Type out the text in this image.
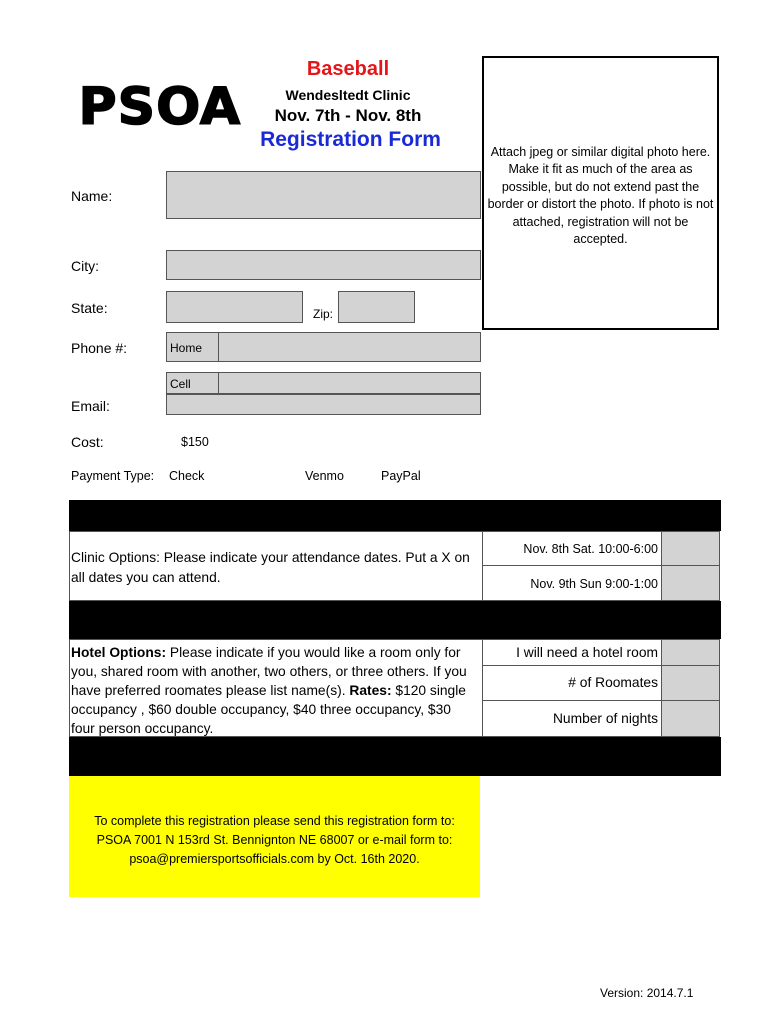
PSOA
Baseball
Wendesltedt Clinic
Nov. 7th - Nov. 8th
Registration Form
Attach jpeg or similar digital photo here. Make it fit as much of the area as possible, but do not extend past the border or distort the photo. If photo is not attached, registration will not be accepted.
Name:
City:
State:	Zip:
Phone #:	Home
Cell
Email:
Cost:	$150
Payment Type: Check	Venmo	PayPal
Clinic Options: Please indicate your attendance dates. Put a X on all dates you can attend.
Nov. 8th Sat. 10:00-6:00
Nov. 9th Sun 9:00-1:00
Hotel Options: Please indicate if you would like a room only for you, shared room with another, two others, or three others. If you have preferred roomates please list name(s). Rates: $120 single occupancy , $60 double occupancy, $40 three occupancy, $30 four person occupancy.
I will need a hotel room
# of Roomates
Number of nights
To complete this registration please send this registration form to:
PSOA 7001 N 153rd St. Bennignton NE 68007 or e-mail form to:
psoa@premiersportsofficials.com by Oct. 16th 2020.
Version: 2014.7.1
